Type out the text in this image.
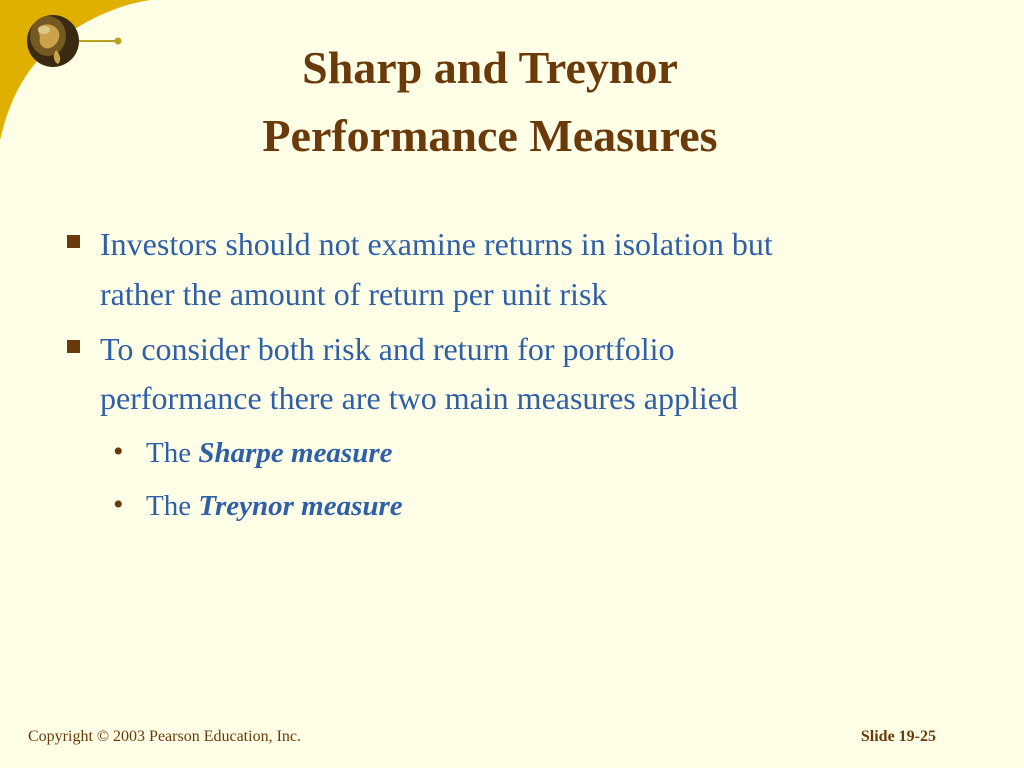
Sharp and Treynor
Performance Measures
Investors should not examine returns in isolation but
rather the amount of return per unit risk
To consider both risk and return for portfolio
performance there are two main measures applied
• The Sharpe measure
• The Treynor measure
Copyright © 2003 Pearson Education, Inc.	Slide 19-25
